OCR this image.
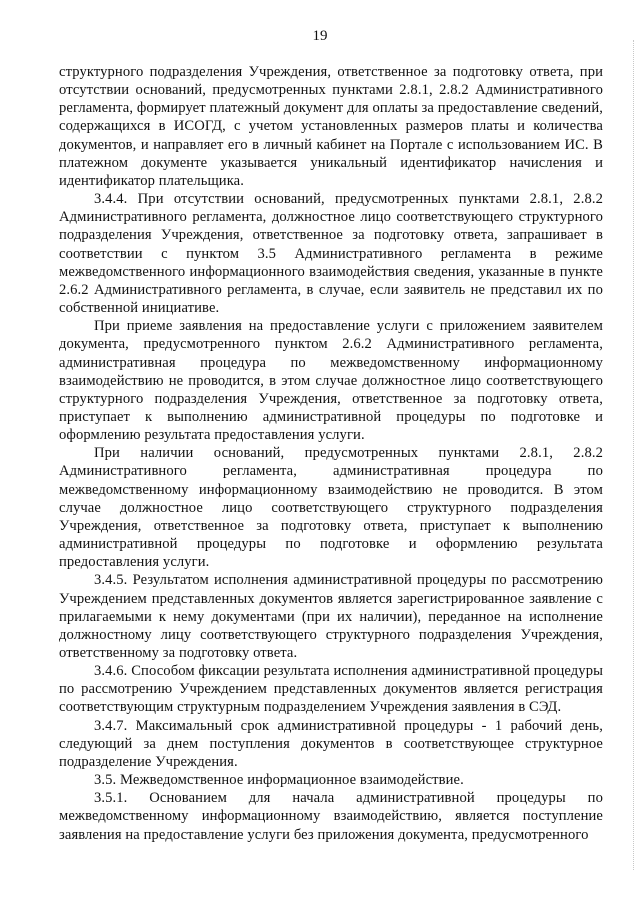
19

структурного подразделения Учреждения, ответственное за подготовку ответа, при отсутствии оснований, предусмотренных пунктами 2.8.1, 2.8.2 Административного регламента, формирует платежный документ для оплаты за предоставление сведений, содержащихся в ИСОГД, с учетом установленных размеров платы и количества документов, и направляет его в личный кабинет на Портале с использованием ИС. В платежном документе указывается уникальный идентификатор начисления и идентификатор плательщика.

3.4.4. При отсутствии оснований, предусмотренных пунктами 2.8.1, 2.8.2 Административного регламента, должностное лицо соответствующего структурного подразделения Учреждения, ответственное за подготовку ответа, запрашивает в соответствии с пунктом 3.5 Административного регламента в режиме межведомственного информационного взаимодействия сведения, указанные в пункте 2.6.2 Административного регламента, в случае, если заявитель не представил их по собственной инициативе.

При приеме заявления на предоставление услуги с приложением заявителем документа, предусмотренного пунктом 2.6.2 Административного регламента, административная процедура по межведомственному информационному взаимодействию не проводится, в этом случае должностное лицо соответствующего структурного подразделения Учреждения, ответственное за подготовку ответа, приступает к выполнению административной процедуры по подготовке и оформлению результата предоставления услуги.

При наличии оснований, предусмотренных пунктами 2.8.1, 2.8.2 Административного регламента, административная процедура по межведомственному информационному взаимодействию не проводится. В этом случае должностное лицо соответствующего структурного подразделения Учреждения, ответственное за подготовку ответа, приступает к выполнению административной процедуры по подготовке и оформлению результата предоставления услуги.

3.4.5. Результатом исполнения административной процедуры по рассмотрению Учреждением представленных документов является зарегистрированное заявление с прилагаемыми к нему документами (при их наличии), переданное на исполнение должностному лицу соответствующего структурного подразделения Учреждения, ответственному за подготовку ответа.

3.4.6. Способом фиксации результата исполнения административной процедуры по рассмотрению Учреждением представленных документов является регистрация соответствующим структурным подразделением Учреждения заявления в СЭД.

3.4.7. Максимальный срок административной процедуры - 1 рабочий день, следующий за днем поступления документов в соответствующее структурное подразделение Учреждения.

3.5. Межведомственное информационное взаимодействие.

3.5.1. Основанием для начала административной процедуры по межведомственному информационному взаимодействию, является поступление заявления на предоставление услуги без приложения документа, предусмотренного
